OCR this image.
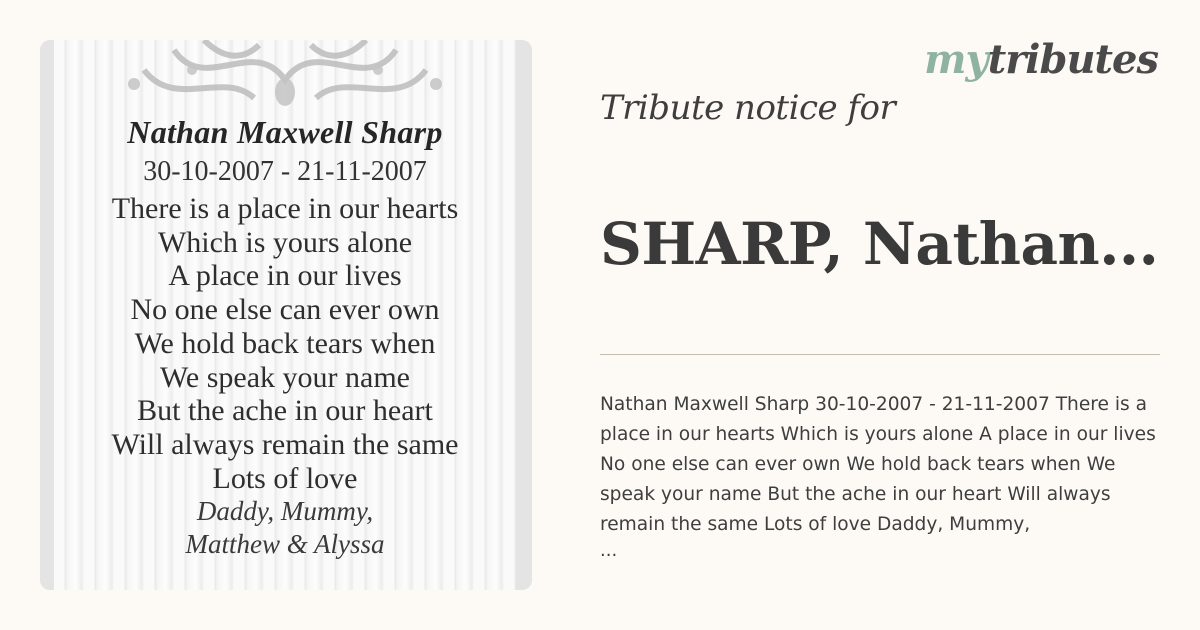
Nathan Maxwell Sharp
30-10-2007 - 21-11-2007
There is a place in our hearts
Which is yours alone
A place in our lives
No one else can ever own
We hold back tears when
We speak your name
But the ache in our heart
Will always remain the same
Lots of love
Daddy, Mummy,
Matthew & Alyssa
mytributes
Tribute notice for
SHARP, Nathan...
Nathan Maxwell Sharp 30-10-2007 - 21-11-2007 There is a place in our hearts Which is yours alone A place in our lives No one else can ever own We hold back tears when We speak your name But the ache in our heart Will always remain the same Lots of love Daddy, Mummy,
...
